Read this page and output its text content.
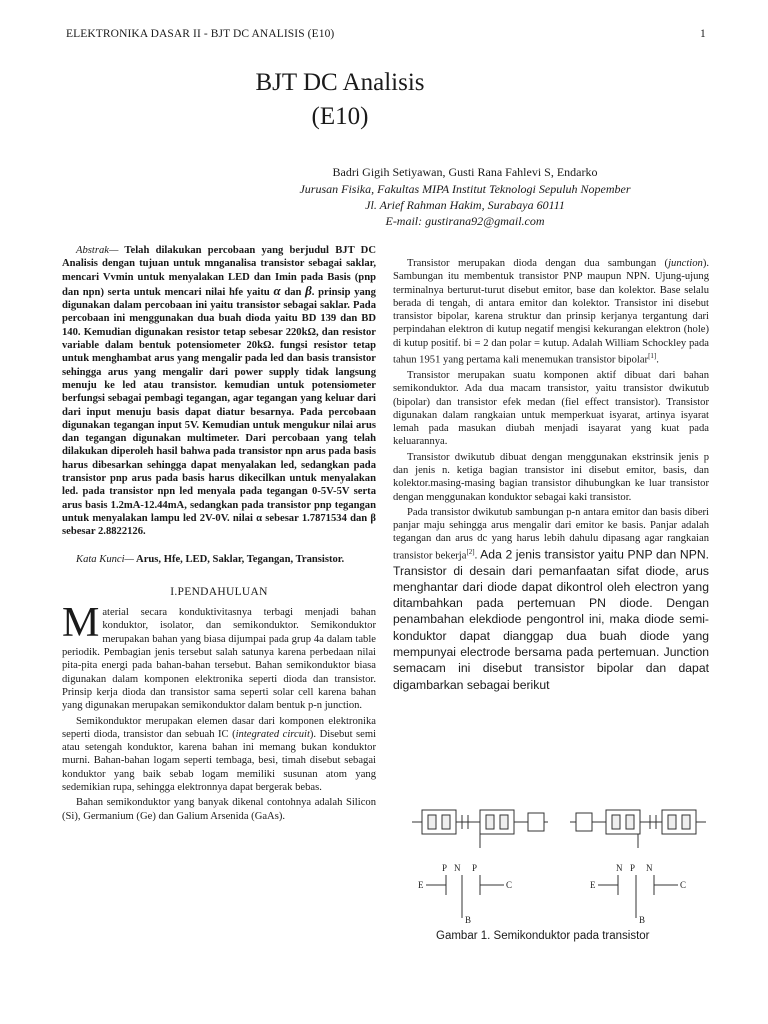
ELEKTRONIKA DASAR II - BJT DC ANALISIS (E10)	1
BJT DC Analisis
(E10)
Badri Gigih Setiyawan, Gusti Rana Fahlevi S, Endarko
Jurusan Fisika, Fakultas MIPA Institut Teknologi Sepuluh Nopember
Jl. Arief Rahman Hakim, Surabaya 60111
E-mail: gustirana92@gmail.com

Abstrak— Telah dilakukan percobaan yang berjudul BJT DC Analisis dengan tujuan untuk mnganalisa transistor sebagai saklar, mencari Vvmin untuk menyalakan LED dan Imin pada Basis (pnp dan npn) serta untuk mencari nilai hfe yaitu α dan β. prinsip yang digunakan dalam percobaan ini yaitu transistor sebagai saklar. Pada percobaan ini menggunakan dua buah dioda yaitu BD 139 dan BD 140. Kemudian digunakan resistor tetap sebesar 220kΩ, dan resistor variable dalam bentuk potensiometer 20kΩ. fungsi resistor tetap untuk menghambat arus yang mengalir pada led dan basis transistor sehingga arus yang mengalir dari power supply tidak langsung menuju ke led atau transistor. kemudian untuk potensiometer berfungsi sebagai pembagi tegangan, agar tegangan yang keluar dari dari input menuju basis dapat diatur besarnya. Pada percobaan digunakan tegangan input 5V. Kemudian untuk mengukur nilai arus dan tegangan digunakan multimeter. Dari percobaan yang telah dilakukan diperoleh hasil bahwa pada transistor npn arus pada basis harus dibesarkan sehingga dapat menyalakan led, sedangkan pada transistor pnp arus pada basis harus dikecilkan untuk menyalakan led. pada transistor npn led menyala pada tegangan 0-5V-5V serta arus basis 1.2mA-12.44mA, sedangkan pada transistor pnp tegangan untuk menyalakan lampu led 2V-0V. nilai α sebesar 1.7871534 dan β sebesar 2.8822126.

Kata Kunci— Arus, Hfe, LED, Saklar, Tegangan, Transistor.

I.PENDAHULUAN

Material secara konduktivitasnya terbagi menjadi bahan konduktor, isolator, dan semikonduktor. Semikonduktor merupakan bahan yang biasa dijumpai pada grup 4a dalam table periodik. Pembagian jenis tersebut salah satunya karena perbedaan nilai pita-pita energi pada bahan-bahan tersebut. Bahan semikonduktor biasa digunakan dalam komponen elektronika seperti dioda dan transistor. Prinsip kerja dioda dan transistor sama seperti solar cell karena bahan yang digunakan merupakan semikonduktor dalam bentuk p-n junction.

Semikonduktor merupakan elemen dasar dari komponen elektronika seperti dioda, transistor dan sebuah IC (integrated circuit). Disebut semi atau setengah konduktor, karena bahan ini memang bukan konduktor murni. Bahan-bahan logam seperti tembaga, besi, timah disebut sebagai konduktor yang baik sebab logam memiliki susunan atom yang sedemikian rupa, sehingga elektronnya dapat bergerak bebas.

Bahan semikonduktor yang banyak dikenal contohnya adalah Silicon (Si), Germanium (Ge) dan Galium Arsenida (GaAs).

Transistor merupakan dioda dengan dua sambungan (junction). Sambungan itu membentuk transistor PNP maupun NPN. Ujung-ujung terminalnya berturut-turut disebut emitor, base dan kolektor. Base selalu berada di tengah, di antara emitor dan kolektor. Transistor ini disebut transistor bipolar, karena struktur dan prinsip kerjanya tergantung dari perpindahan elektron di kutup negatif mengisi kekurangan elektron (hole) di kutup positif. bi = 2 dan polar = kutup. Adalah William Schockley pada tahun 1951 yang pertama kali menemukan transistor bipolar[1].

Transistor merupakan suatu komponen aktif dibuat dari bahan semikonduktor. Ada dua macam transistor, yaitu transistor dwikutub (bipolar) dan transistor efek medan (fiel effect transistor). Transistor digunakan dalam rangkaian untuk memperkuat isyarat, artinya isyarat lemah pada masukan diubah menjadi isayarat yang kuat pada keluarannya.

Transistor dwikutub dibuat dengan menggunakan ekstrinsik jenis p dan jenis n. ketiga bagian transistor ini disebut emitor, basis, dan kolektor.masing-masing bagian transistor dihubungkan ke luar transistor dengan menggunakan konduktor sebagai kaki transistor.

Pada transistor dwikutub sambungan p-n antara emitor dan basis diberi panjar maju sehingga arus mengalir dari emitor ke basis. Panjar adalah tegangan dan arus dc yang harus lebih dahulu dipasang agar rangkaian transistor bekerja[2]. Ada 2 jenis transistor yaitu PNP dan NPN. Transistor di desain dari pemanfaatan sifat diode, arus menghantar dari diode dapat dikontrol oleh electron yang ditambahkan pada pertemuan PN diode. Dengan penambahan elekdiode pengontrol ini, maka diode semi-konduktor dapat dianggap dua buah diode yang mempunyai electrode bersama pada pertemuan. Junction semacam ini disebut transistor bipolar dan dapat digambarkan sebagai berikut

P N P
E	C
B
N P N
E	C
B
Gambar 1. Semikonduktor pada transistor
